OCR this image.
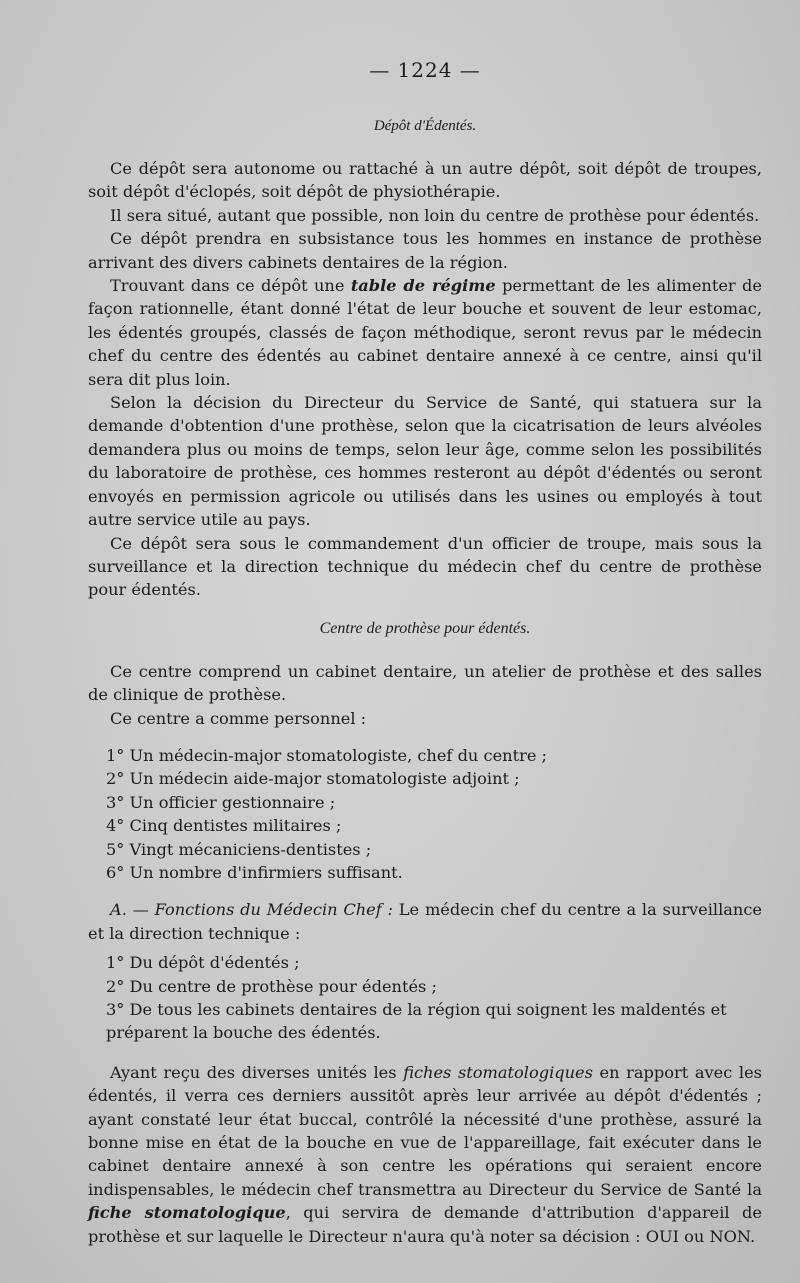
— 1224 —
Dépôt d'Édentés.

Ce dépôt sera autonome ou rattaché à un autre dépôt, soit dépôt de troupes, soit dépôt d'éclopés, soit dépôt de physiothérapie.

Il sera situé, autant que possible, non loin du centre de prothèse pour édentés.

Ce dépôt prendra en subsistance tous les hommes en instance de prothèse arrivant des divers cabinets dentaires de la région.

Trouvant dans ce dépôt une table de régime permettant de les alimenter de façon rationnelle, étant donné l'état de leur bouche et souvent de leur estomac, les édentés groupés, classés de façon méthodique, seront revus par le médecin chef du centre des édentés au cabinet dentaire annexé à ce centre, ainsi qu'il sera dit plus loin.

Selon la décision du Directeur du Service de Santé, qui statuera sur la demande d'obtention d'une prothèse, selon que la cicatrisation de leurs alvéoles demandera plus ou moins de temps, selon leur âge, comme selon les possibilités du laboratoire de prothèse, ces hommes resteront au dépôt d'édentés ou seront envoyés en permission agricole ou utilisés dans les usines ou employés à tout autre service utile au pays.

Ce dépôt sera sous le commandement d'un officier de troupe, mais sous la surveillance et la direction technique du médecin chef du centre de prothèse pour édentés.

Centre de prothèse pour édentés.

Ce centre comprend un cabinet dentaire, un atelier de prothèse et des salles de clinique de prothèse.

Ce centre a comme personnel :

1° Un médecin-major stomatologiste, chef du centre ;
2° Un médecin aide-major stomatologiste adjoint ;
3° Un officier gestionnaire ;
4° Cinq dentistes militaires ;
5° Vingt mécaniciens-dentistes ;
6° Un nombre d'infirmiers suffisant.

A. — Fonctions du Médecin Chef : Le médecin chef du centre a la surveillance et la direction technique :

1° Du dépôt d'édentés ;
2° Du centre de prothèse pour édentés ;
3° De tous les cabinets dentaires de la région qui soignent les maldentés et préparent la bouche des édentés.

Ayant reçu des diverses unités les fiches stomatologiques en rapport avec les édentés, il verra ces derniers aussitôt après leur arrivée au dépôt d'édentés ; ayant constaté leur état buccal, contrôlé la nécessité d'une prothèse, assuré la bonne mise en état de la bouche en vue de l'appareillage, fait exécuter dans le cabinet dentaire annexé à son centre les opérations qui seraient encore indispensables, le médecin chef transmettra au Directeur du Service de Santé la fiche stomatologique, qui servira de demande d'attribution d'appareil de prothèse et sur laquelle le Directeur n'aura qu'à noter sa décision : OUI ou NON.
